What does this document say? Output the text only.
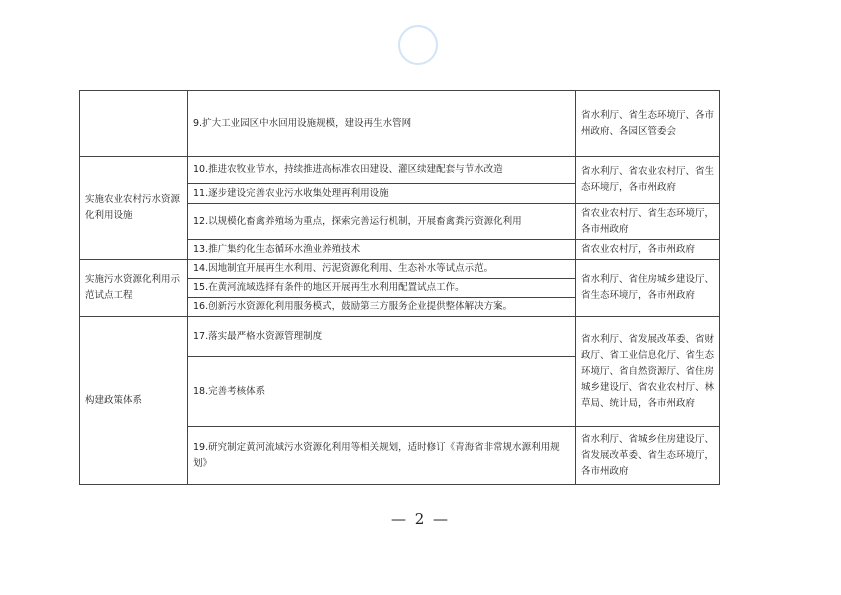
	9.扩大工业园区中水回用设施规模，建设再生水管网	省水利厅、省生态环境厅、各市州政府、各园区管委会
实施农业农村污水资源化利用设施	10.推进农牧业节水，持续推进高标准农田建设、灌区续建配套与节水改造	省水利厅、省农业农村厅、省生态环境厅，各市州政府
	11.逐步建设完善农业污水收集处理再利用设施	
	12.以规模化畜禽养殖场为重点，探索完善运行机制，开展畜禽粪污资源化利用	省农业农村厅、省生态环境厅，各市州政府
	13.推广集约化生态循环水渔业养殖技术	省农业农村厅，各市州政府
实施污水资源化利用示范试点工程	14.因地制宜开展再生水利用、污泥资源化利用、生态补水等试点示范。	省水利厅、省住房城乡建设厅、省生态环境厅，各市州政府
	15.在黄河流域选择有条件的地区开展再生水利用配置试点工作。	
	16.创新污水资源化利用服务模式，鼓励第三方服务企业提供整体解决方案。	
构建政策体系	17.落实最严格水资源管理制度	省水利厅、省发展改革委、省财政厅、省工业信息化厅、省生态环境厅、省自然资源厅、省住房城乡建设厅、省农业农村厅、林草局、统计局，各市州政府
	18.完善考核体系	
	19.研究制定黄河流域污水资源化利用等相关规划，适时修订《青海省非常规水源利用规划》	省水利厅、省城乡住房建设厅、省发展改革委、省生态环境厅，各市州政府
— 2 —
